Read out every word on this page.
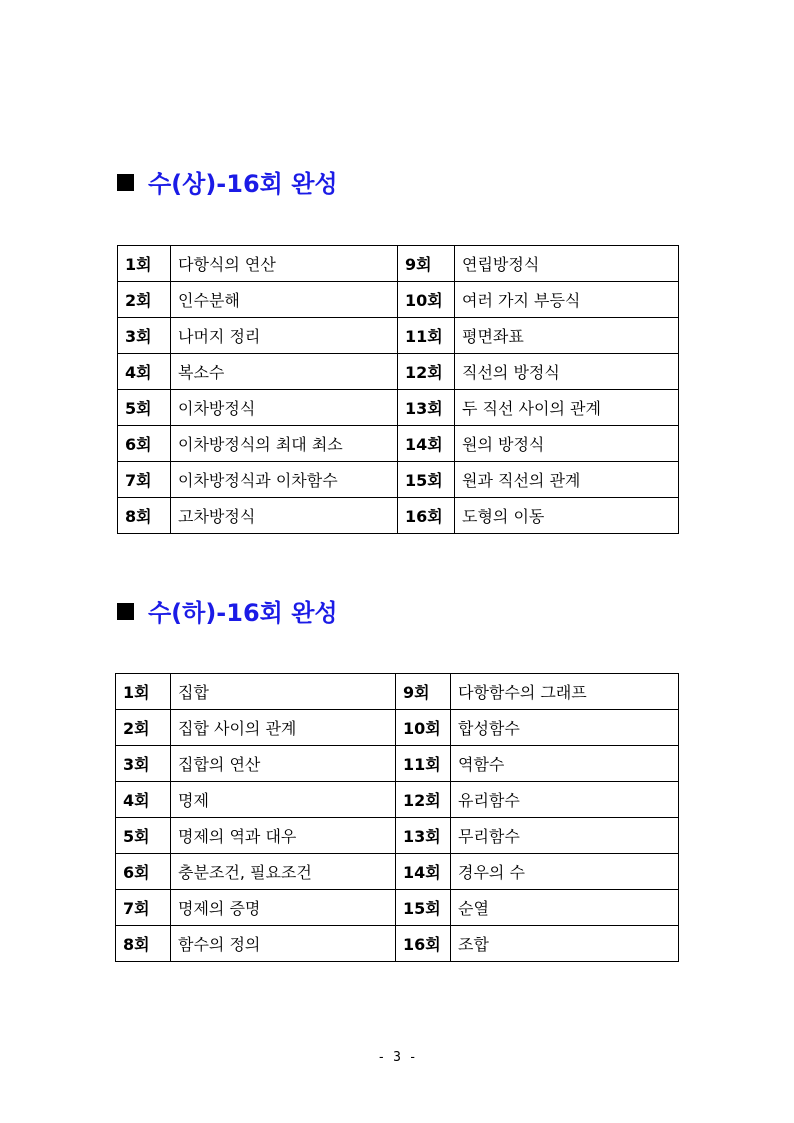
수(상)-16회 완성
1회	다항식의 연산	9회	연립방정식
2회	인수분해	10회	여러 가지 부등식
3회	나머지 정리	11회	평면좌표
4회	복소수	12회	직선의 방정식
5회	이차방정식	13회	두 직선 사이의 관계
6회	이차방정식의 최대 최소	14회	원의 방정식
7회	이차방정식과 이차함수	15회	원과 직선의 관계
8회	고차방정식	16회	도형의 이동
수(하)-16회 완성
1회	집합	9회	다항함수의 그래프
2회	집합 사이의 관계	10회	합성함수
3회	집합의 연산	11회	역함수
4회	명제	12회	유리함수
5회	명제의 역과 대우	13회	무리함수
6회	충분조건, 필요조건	14회	경우의 수
7회	명제의 증명	15회	순열
8회	함수의 정의	16회	조합
- 3 -
